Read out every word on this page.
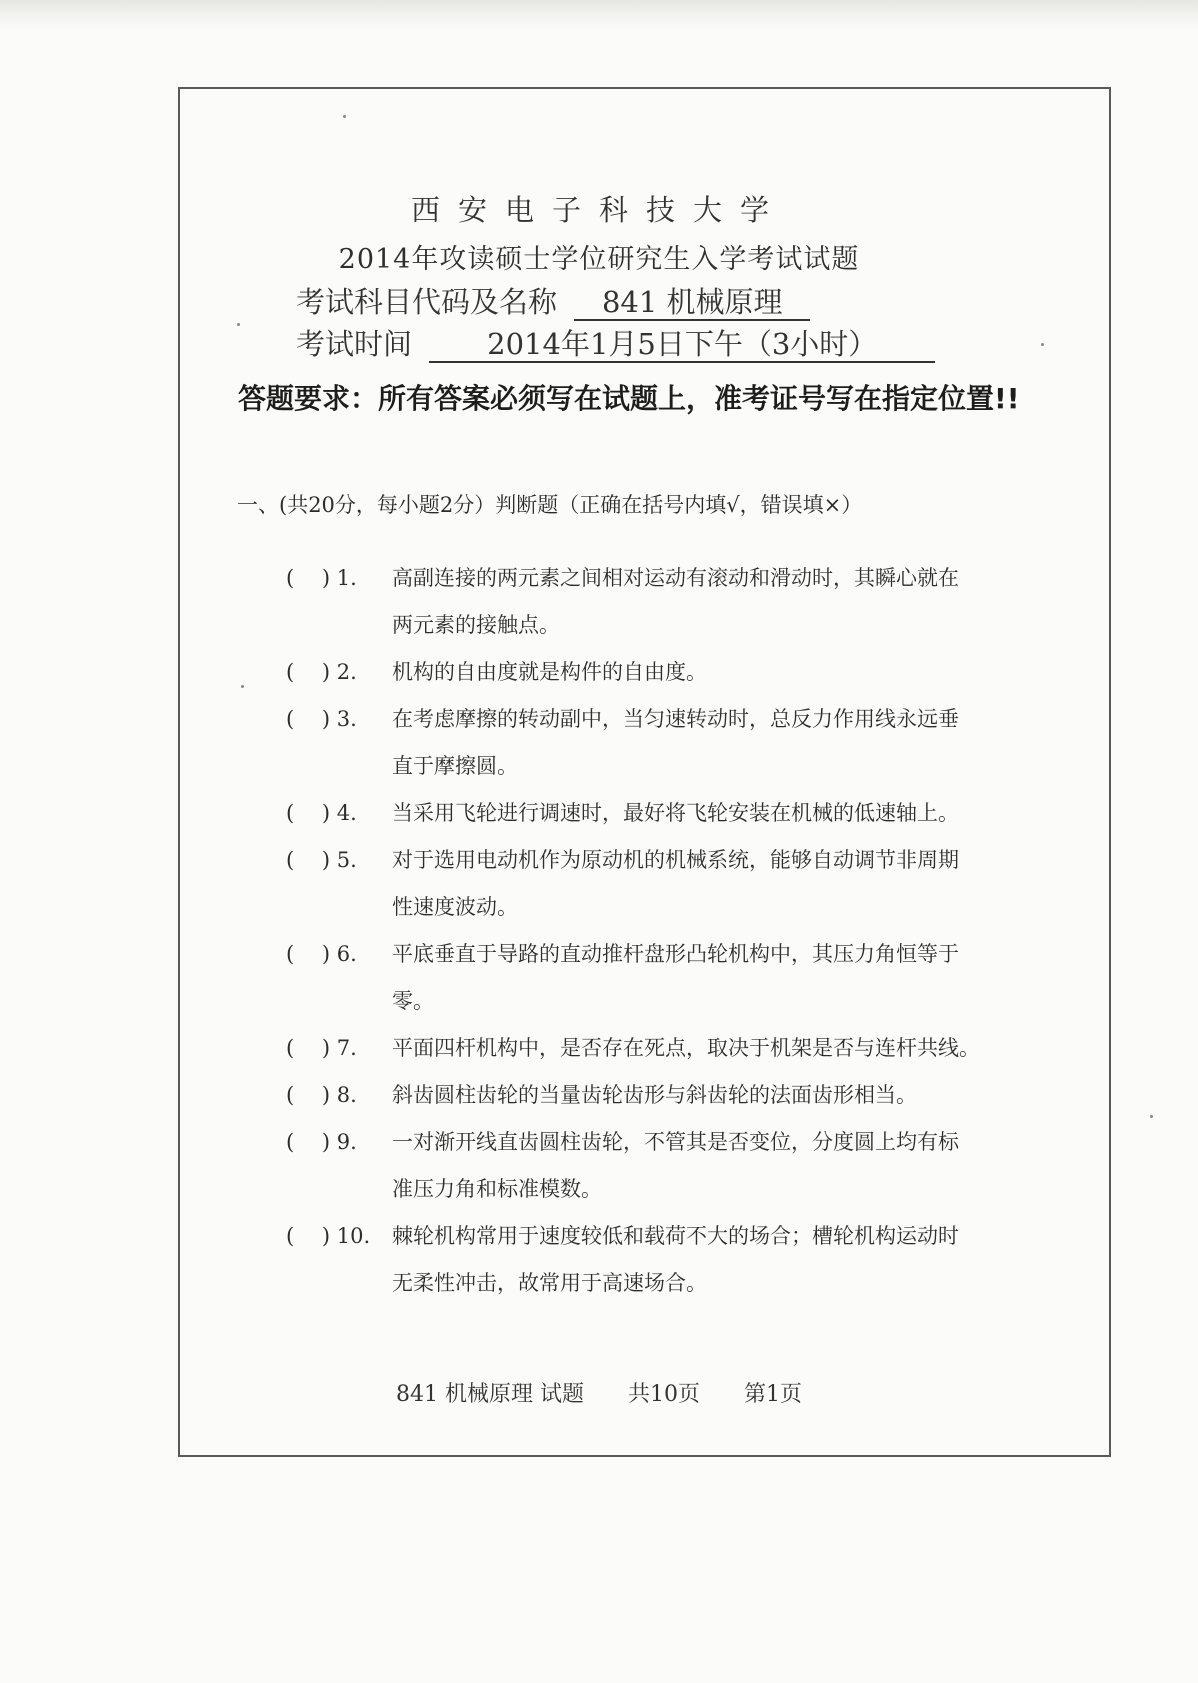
西安电子科技大学
2014年攻读硕士学位研究生入学考试试题
考试科目代码及名称 841 机械原理
考试时间	2014年1月5日下午（3小时）
答题要求：所有答案必须写在试题上，准考证号写在指定位置!!
一、(共20分，每小题2分）判断题（正确在括号内填√，错误填×）
(　 ) 1. 高副连接的两元素之间相对运动有滚动和滑动时，其瞬心就在
两元素的接触点。
(　 ) 2. 机构的自由度就是构件的自由度。
(　 ) 3. 在考虑摩擦的转动副中，当匀速转动时，总反力作用线永远垂
直于摩擦圆。
(　 ) 4. 当采用飞轮进行调速时，最好将飞轮安装在机械的低速轴上。
(　 ) 5. 对于选用电动机作为原动机的机械系统，能够自动调节非周期
性速度波动。
(　 ) 6. 平底垂直于导路的直动推杆盘形凸轮机构中，其压力角恒等于
零。
(　 ) 7. 平面四杆机构中，是否存在死点，取决于机架是否与连杆共线。
(　 ) 8. 斜齿圆柱齿轮的当量齿轮齿形与斜齿轮的法面齿形相当。
(　 ) 9. 一对渐开线直齿圆柱齿轮，不管其是否变位，分度圆上均有标
准压力角和标准模数。
(　 ) 10. 棘轮机构常用于速度较低和载荷不大的场合；槽轮机构运动时
无柔性冲击，故常用于高速场合。
841 机械原理 试题　　共10页　　第1页
